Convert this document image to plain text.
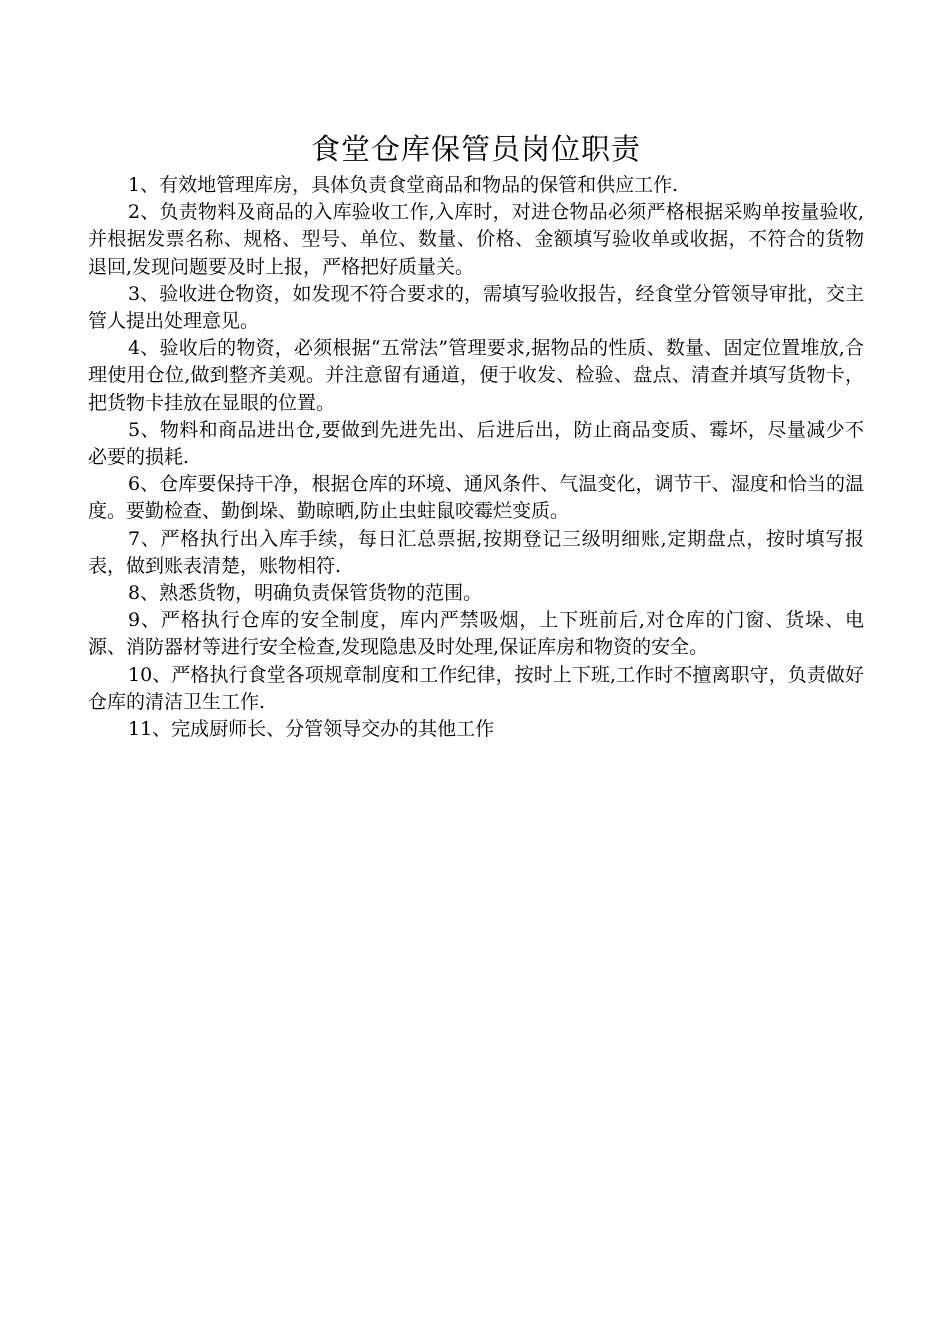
食堂仓库保管员岗位职责

1、有效地管理库房，具体负责食堂商品和物品的保管和供应工作.

2、负责物料及商品的入库验收工作,入库时，对进仓物品必须严格根据采购单按量验收,并根据发票名称、规格、型号、单位、数量、价格、金额填写验收单或收据，不符合的货物退回,发现问题要及时上报，严格把好质量关。

3、验收进仓物资，如发现不符合要求的，需填写验收报告，经食堂分管领导审批，交主管人提出处理意见。

4、验收后的物资，必须根据“五常法”管理要求,据物品的性质、数量、固定位置堆放,合理使用仓位,做到整齐美观。并注意留有通道，便于收发、检验、盘点、清查并填写货物卡，把货物卡挂放在显眼的位置。

5、物料和商品进出仓,要做到先进先出、后进后出，防止商品变质、霉坏，尽量减少不必要的损耗.

6、仓库要保持干净，根据仓库的环境、通风条件、气温变化，调节干、湿度和恰当的温度。要勤检查、勤倒垛、勤晾晒,防止虫蛀鼠咬霉烂变质。

7、严格执行出入库手续，每日汇总票据,按期登记三级明细账,定期盘点，按时填写报表，做到账表清楚，账物相符.

8、熟悉货物，明确负责保管货物的范围。

9、严格执行仓库的安全制度，库内严禁吸烟，上下班前后,对仓库的门窗、货垛、电源、消防器材等进行安全检查,发现隐患及时处理,保证库房和物资的安全。

10、严格执行食堂各项规章制度和工作纪律，按时上下班,工作时不擅离职守，负责做好仓库的清洁卫生工作.

11、完成厨师长、分管领导交办的其他工作
